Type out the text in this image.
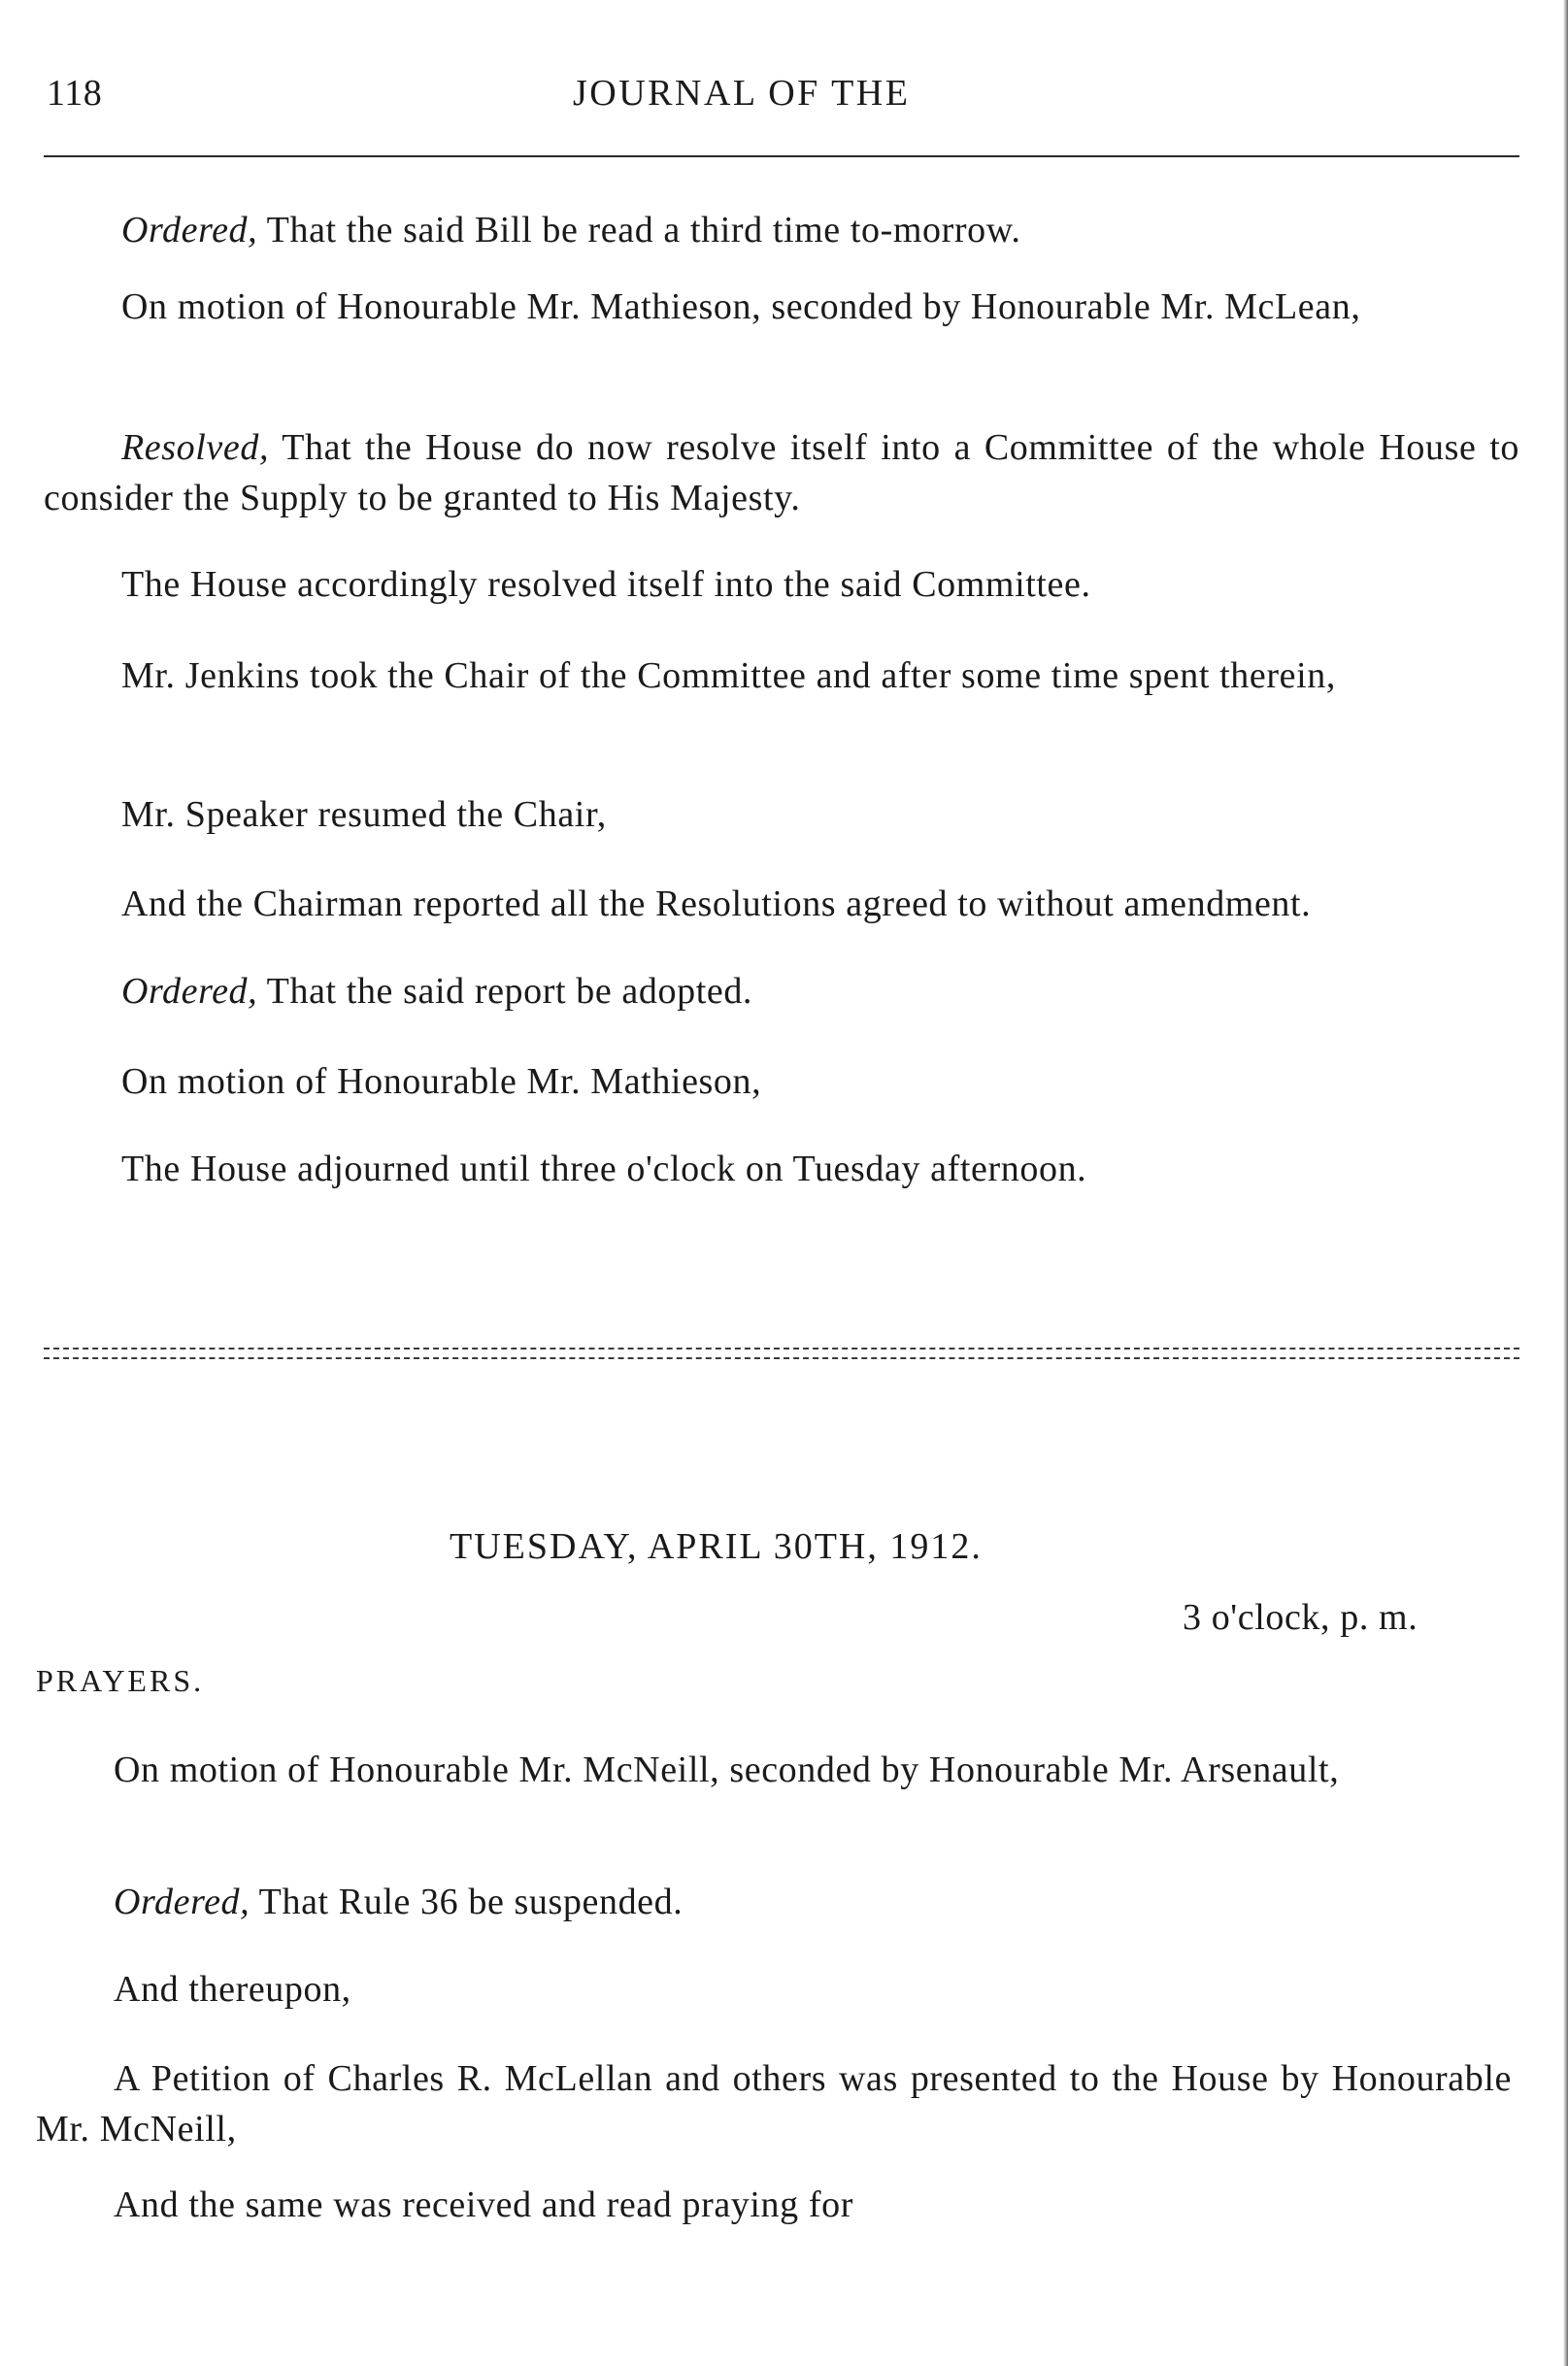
118	JOURNAL OF THE
Ordered, That the said Bill be read a third time to-morrow.
On motion of Honourable Mr. Mathieson, seconded by Honourable Mr. McLean,
Resolved, That the House do now resolve itself into a Committee of the whole House to consider the Supply to be granted to His Majesty.
The House accordingly resolved itself into the said Committee.
Mr. Jenkins took the Chair of the Committee and after some time spent therein,
Mr. Speaker resumed the Chair,
And the Chairman reported all the Resolutions agreed to without amendment.
Ordered, That the said report be adopted.
On motion of Honourable Mr. Mathieson,
The House adjourned until three o'clock on Tuesday afternoon.
TUESDAY, APRIL 30TH, 1912.
3 o'clock, p. m.
PRAYERS.
On motion of Honourable Mr. McNeill, seconded by Honourable Mr. Arsenault,
Ordered, That Rule 36 be suspended.
And thereupon,
A Petition of Charles R. McLellan and others was presented to the House by Honourable Mr. McNeill,
And the same was received and read praying for
